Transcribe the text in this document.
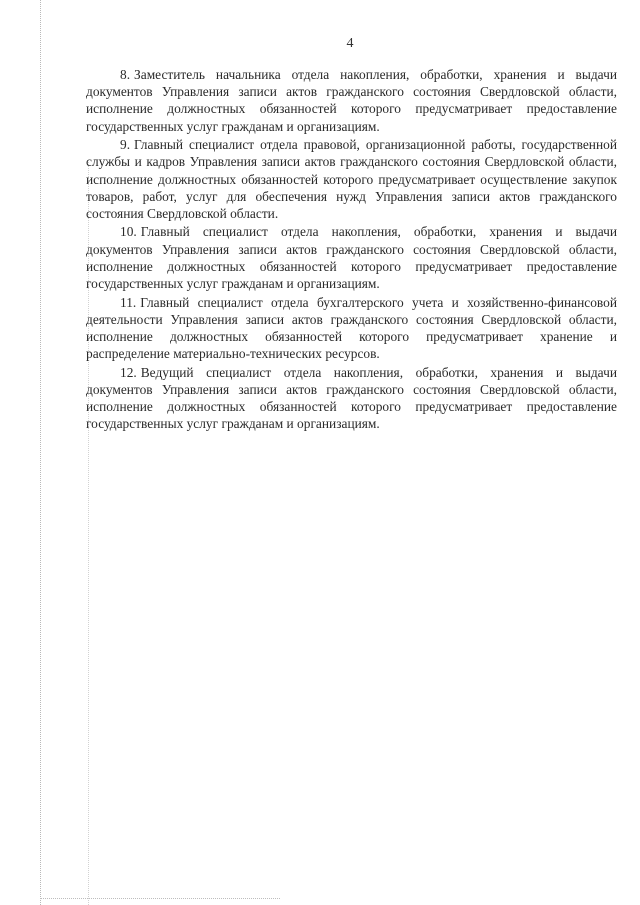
4

8. Заместитель начальника отдела накопления, обработки, хранения и выдачи документов Управления записи актов гражданского состояния Свердловской области, исполнение должностных обязанностей которого предусматривает предоставление государственных услуг гражданам и организациям.

9. Главный специалист отдела правовой, организационной работы, государственной службы и кадров Управления записи актов гражданского состояния Свердловской области, исполнение должностных обязанностей которого предусматривает осуществление закупок товаров, работ, услуг для обеспечения нужд Управления записи актов гражданского состояния Свердловской области.

10. Главный специалист отдела накопления, обработки, хранения и выдачи документов Управления записи актов гражданского состояния Свердловской области, исполнение должностных обязанностей которого предусматривает предоставление государственных услуг гражданам и организациям.

11. Главный специалист отдела бухгалтерского учета и хозяйственно-финансовой деятельности Управления записи актов гражданского состояния Свердловской области, исполнение должностных обязанностей которого предусматривает хранение и распределение материально-технических ресурсов.

12. Ведущий специалист отдела накопления, обработки, хранения и выдачи документов Управления записи актов гражданского состояния Свердловской области, исполнение должностных обязанностей которого предусматривает предоставление государственных услуг гражданам и организациям.
